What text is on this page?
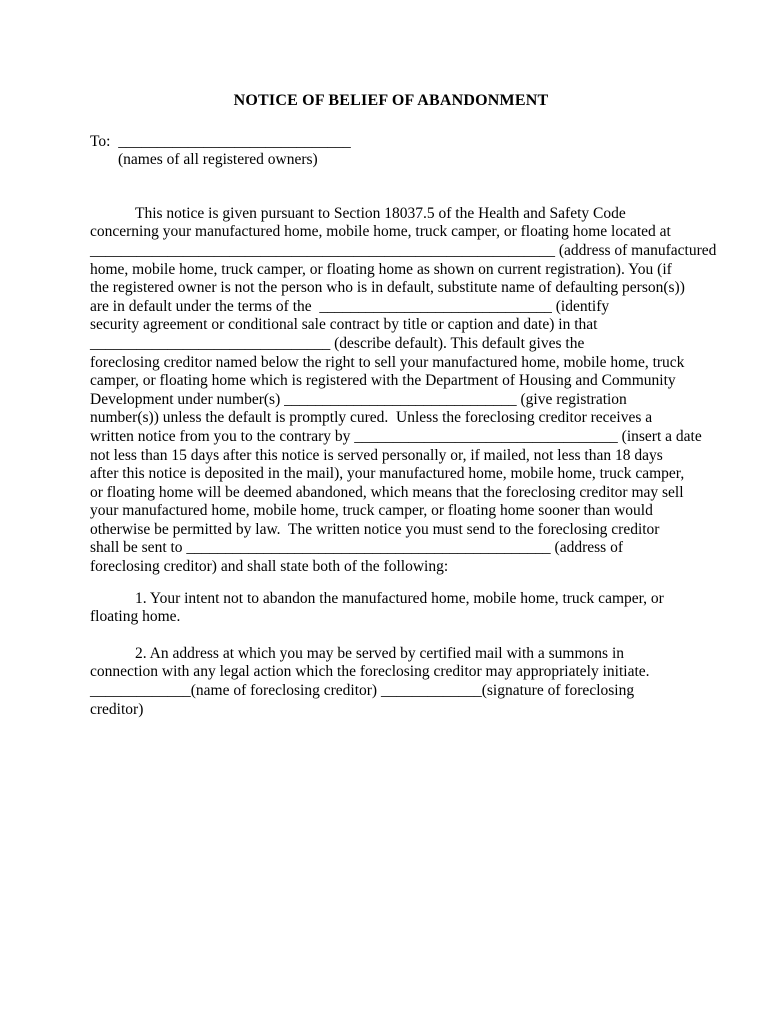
NOTICE OF BELIEF OF ABANDONMENT
To:  ______________________________
(names of all registered owners)
This notice is given pursuant to Section 18037.5 of the Health and Safety Code
concerning your manufactured home, mobile home, truck camper, or floating home located at
____________________________________________________________ (address of manufactured
home, mobile home, truck camper, or floating home as shown on current registration). You (if
the registered owner is not the person who is in default, substitute name of defaulting person(s))
are in default under the terms of the  ______________________________ (identify
security agreement or conditional sale contract by title or caption and date) in that
_______________________________ (describe default). This default gives the
foreclosing creditor named below the right to sell your manufactured home, mobile home, truck
camper, or floating home which is registered with the Department of Housing and Community
Development under number(s) ______________________________ (give registration
number(s)) unless the default is promptly cured.  Unless the foreclosing creditor receives a
written notice from you to the contrary by __________________________________ (insert a date
not less than 15 days after this notice is served personally or, if mailed, not less than 18 days
after this notice is deposited in the mail), your manufactured home, mobile home, truck camper,
or floating home will be deemed abandoned, which means that the foreclosing creditor may sell
your manufactured home, mobile home, truck camper, or floating home sooner than would
otherwise be permitted by law.  The written notice you must send to the foreclosing creditor
shall be sent to _______________________________________________ (address of
foreclosing creditor) and shall state both of the following:
1. Your intent not to abandon the manufactured home, mobile home, truck camper, or
floating home.
2. An address at which you may be served by certified mail with a summons in
connection with any legal action which the foreclosing creditor may appropriately initiate.
_____________(name of foreclosing creditor) _____________(signature of foreclosing
creditor)
